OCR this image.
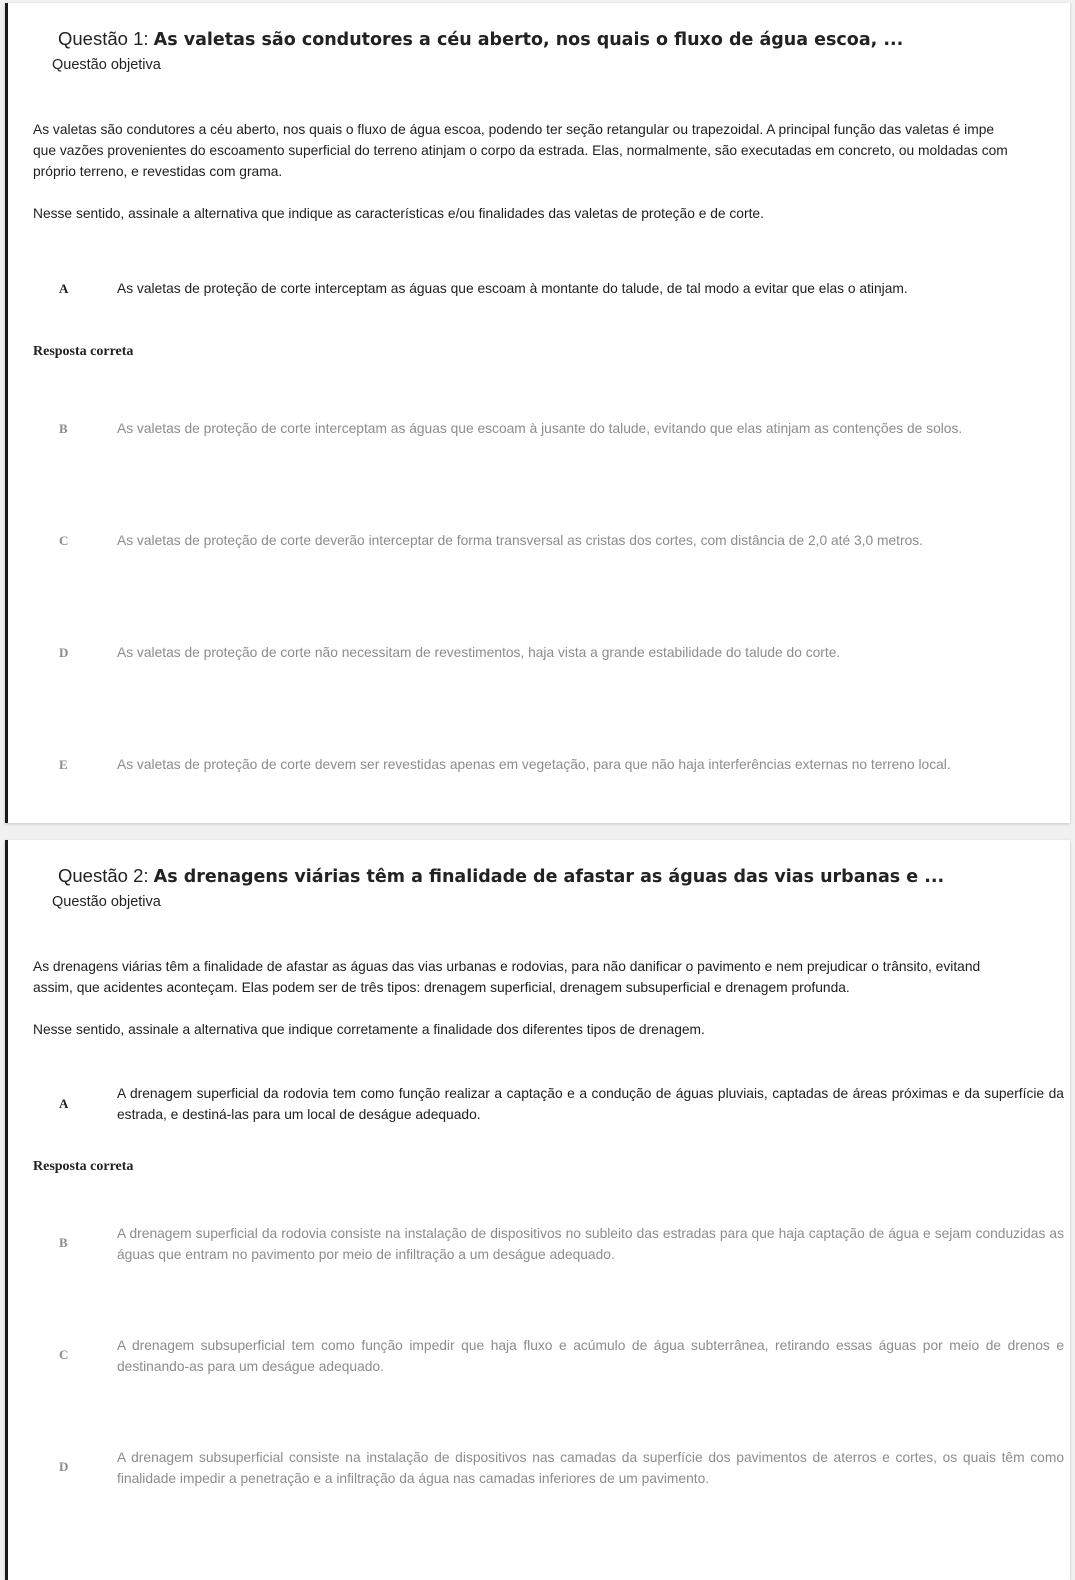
Questão 1: As valetas são condutores a céu aberto, nos quais o fluxo de água escoa, ...
Questão objetiva
As valetas são condutores a céu aberto, nos quais o fluxo de água escoa, podendo ter seção retangular ou trapezoidal. A principal função das valetas é impe
que vazões provenientes do escoamento superficial do terreno atinjam o corpo da estrada. Elas, normalmente, são executadas em concreto, ou moldadas com
próprio terreno, e revestidas com grama.
Nesse sentido, assinale a alternativa que indique as características e/ou finalidades das valetas de proteção e de corte.
A	As valetas de proteção de corte interceptam as águas que escoam à montante do talude, de tal modo a evitar que elas o atinjam.
Resposta correta
B	As valetas de proteção de corte interceptam as águas que escoam à jusante do talude, evitando que elas atinjam as contenções de solos.
C	As valetas de proteção de corte deverão interceptar de forma transversal as cristas dos cortes, com distância de 2,0 até 3,0 metros.
D	As valetas de proteção de corte não necessitam de revestimentos, haja vista a grande estabilidade do talude do corte.
E	As valetas de proteção de corte devem ser revestidas apenas em vegetação, para que não haja interferências externas no terreno local.
Questão 2: As drenagens viárias têm a finalidade de afastar as águas das vias urbanas e ...
Questão objetiva
As drenagens viárias têm a finalidade de afastar as águas das vias urbanas e rodovias, para não danificar o pavimento e nem prejudicar o trânsito, evitand
assim, que acidentes aconteçam. Elas podem ser de três tipos: drenagem superficial, drenagem subsuperficial e drenagem profunda.
Nesse sentido, assinale a alternativa que indique corretamente a finalidade dos diferentes tipos de drenagem.
A
A drenagem superficial da rodovia tem como função realizar a captação e a condução de águas pluviais, captadas de áreas próximas e da superfície da estrada, e destiná-las para um local de deságue adequado.
Resposta correta
B
A drenagem superficial da rodovia consiste na instalação de dispositivos no subleito das estradas para que haja captação de água e sejam conduzidas as águas que entram no pavimento por meio de infiltração a um deságue adequado.
C
A drenagem subsuperficial tem como função impedir que haja fluxo e acúmulo de água subterrânea, retirando essas águas por meio de drenos e destinando-as para um deságue adequado.
D
A drenagem subsuperficial consiste na instalação de dispositivos nas camadas da superfície dos pavimentos de aterros e cortes, os quais têm como finalidade impedir a penetração e a infiltração da água nas camadas inferiores de um pavimento.
